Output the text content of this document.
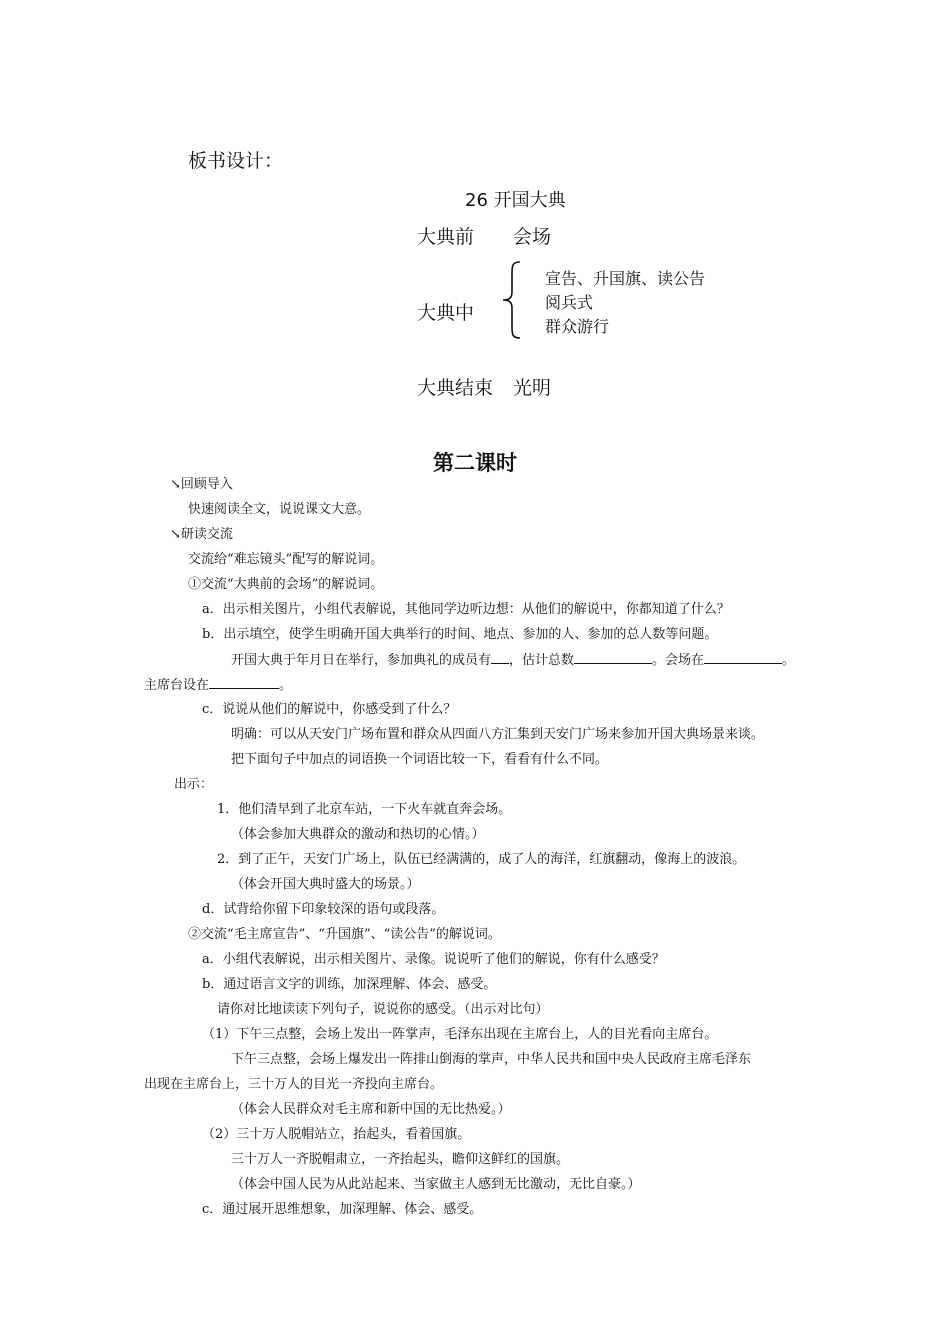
板书设计：
26 开国大典
大典前 会场
大典中
宣告、升国旗、读公告
阅兵式
群众游行
大典结束 光明
第二课时
↘回顾导入
快速阅读全文，说说课文大意。
↘研读交流
交流给“难忘镜头”配写的解说词。
①交流“大典前的会场”的解说词。
a．出示相关图片，小组代表解说，其他同学边听边想：从他们的解说中，你都知道了什么？
b．出示填空，使学生明确开国大典举行的时间、地点、参加的人、参加的总人数等问题。
开国大典于年月日在举行，参加典礼的成员有 ，估计总数	。会场在	。
主席台设在	。
c．说说从他们的解说中，你感受到了什么？
明确：可以从天安门广场布置和群众从四面八方汇集到天安门广场来参加开国大典场景来谈。
把下面句子中加点的词语换一个词语比较一下，看看有什么不同。
出示：
1．他们清早到了北京车站，一下火车就直奔会场。
（体会参加大典群众的激动和热切的心情。）
2．到了正午，天安门广场上，队伍已经满满的，成了人的海洋，红旗翻动，像海上的波浪。
（体会开国大典时盛大的场景。）
d．试背给你留下印象较深的语句或段落。
②交流“毛主席宣告”、“升国旗”、“读公告”的解说词。
a．小组代表解说，出示相关图片、录像。说说听了他们的解说，你有什么感受？
b．通过语言文字的训练，加深理解、体会、感受。
请你对比地读读下列句子，说说你的感受。（出示对比句）
（1）下午三点整，会场上发出一阵掌声，毛泽东出现在主席台上，人的目光看向主席台。
下午三点整，会场上爆发出一阵排山倒海的掌声，中华人民共和国中央人民政府主席毛泽东
出现在主席台上，三十万人的目光一齐投向主席台。
（体会人民群众对毛主席和新中国的无比热爱。）
（2）三十万人脱帽站立，抬起头，看着国旗。
三十万人一齐脱帽肃立，一齐抬起头，瞻仰这鲜红的国旗。
（体会中国人民为从此站起来、当家做主人感到无比激动，无比自豪。）
c．通过展开思维想象，加深理解、体会、感受。
